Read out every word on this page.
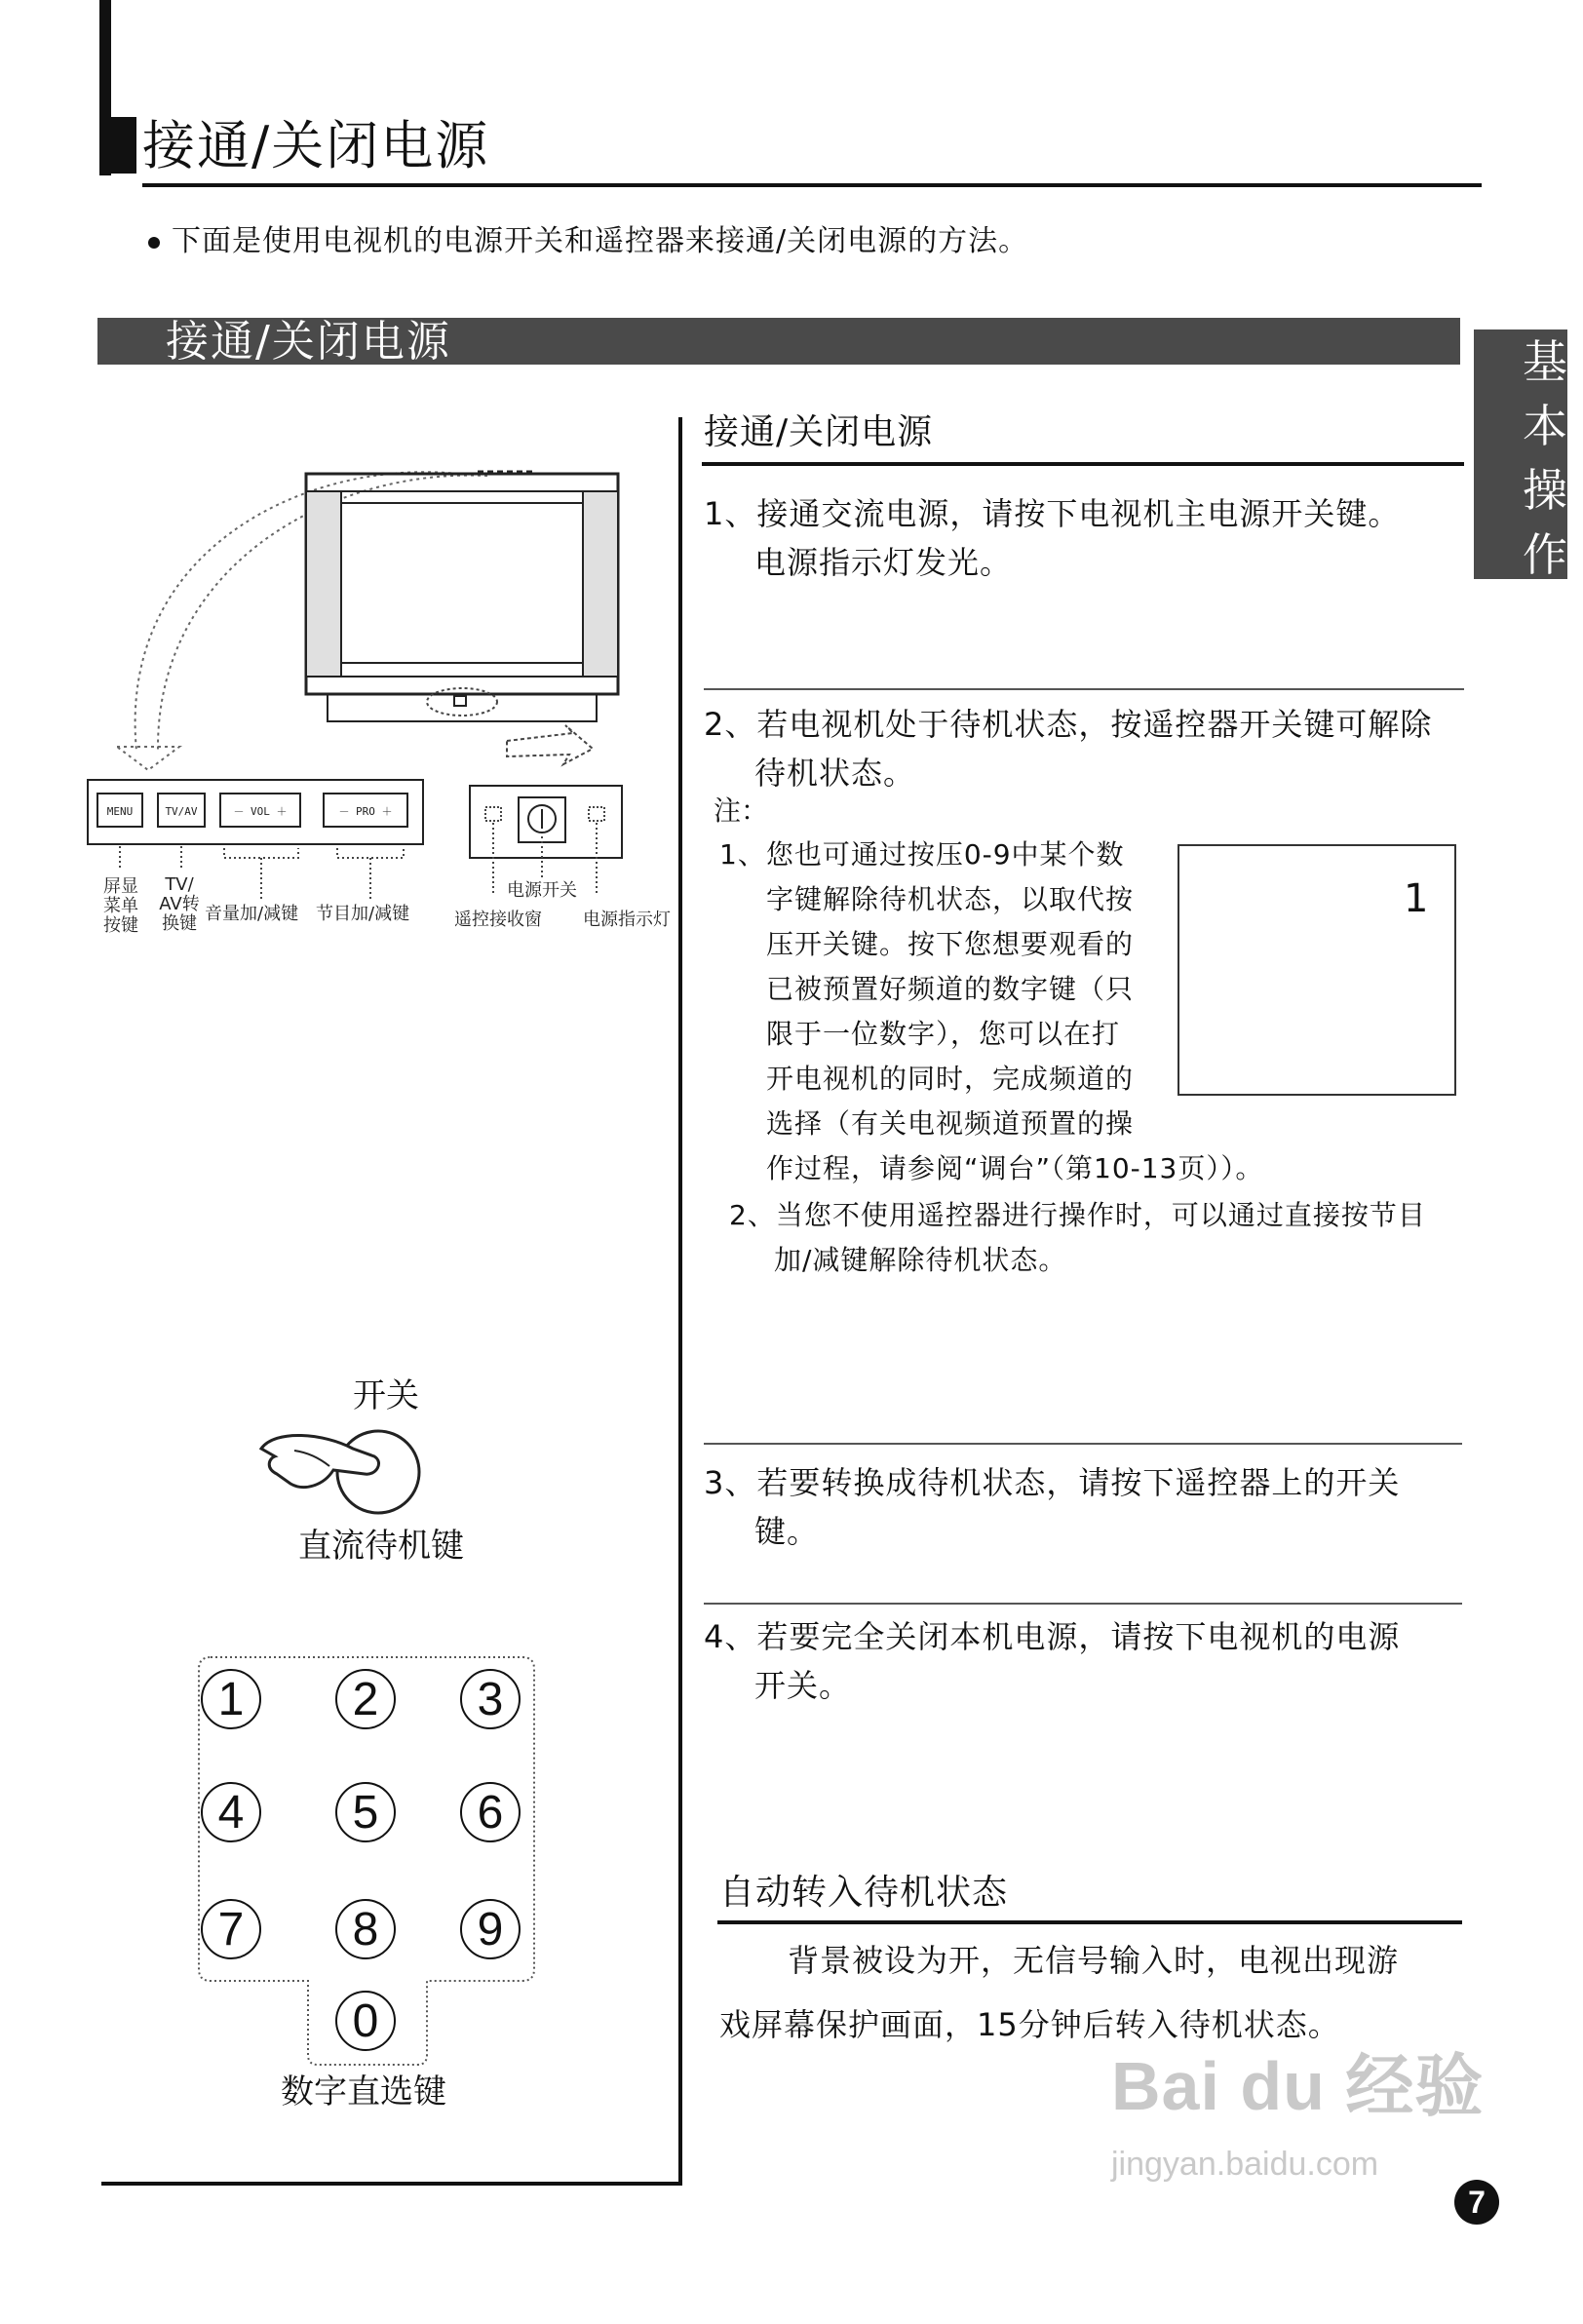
接通/关闭电源
下面是使用电视机的电源开关和遥控器来接通/关闭电源的方法。
接通/关闭电源	基
本
操
作
MENU	TV/AV	－ VOL ＋	－ PRO ＋
屏显
菜单
按键
TV/
AV转
换键 音量加/减键 节目加/减键
电源开关
遥控接收窗 电源指示灯
开关
直流待机键
1	2	3
4	5	6
7	8	9
0
数字直选键
接通/关闭电源
1、接通交流电源，请按下电视机主电源开关键。
电源指示灯发光。
2、若电视机处于待机状态，按遥控器开关键可解除
待机状态。
注：
1、您也可通过按压0-9中某个数
字键解除待机状态，以取代按
压开关键。按下您想要观看的
已被预置好频道的数字键（只
限于一位数字），您可以在打
开电视机的同时，完成频道的
选择（有关电视频道预置的操
作过程，请参阅“调台”（第10-13页））。
1
2、当您不使用遥控器进行操作时，可以通过直接按节目
加/减键解除待机状态。
3、若要转换成待机状态，请按下遥控器上的开关
键。
4、若要完全关闭本机电源，请按下电视机的电源
开关。
自动转入待机状态
背景被设为开，无信号输入时，电视出现游
戏屏幕保护画面，15分钟后转入待机状态。
Bai du 经验
jingyan.baidu.com
7
